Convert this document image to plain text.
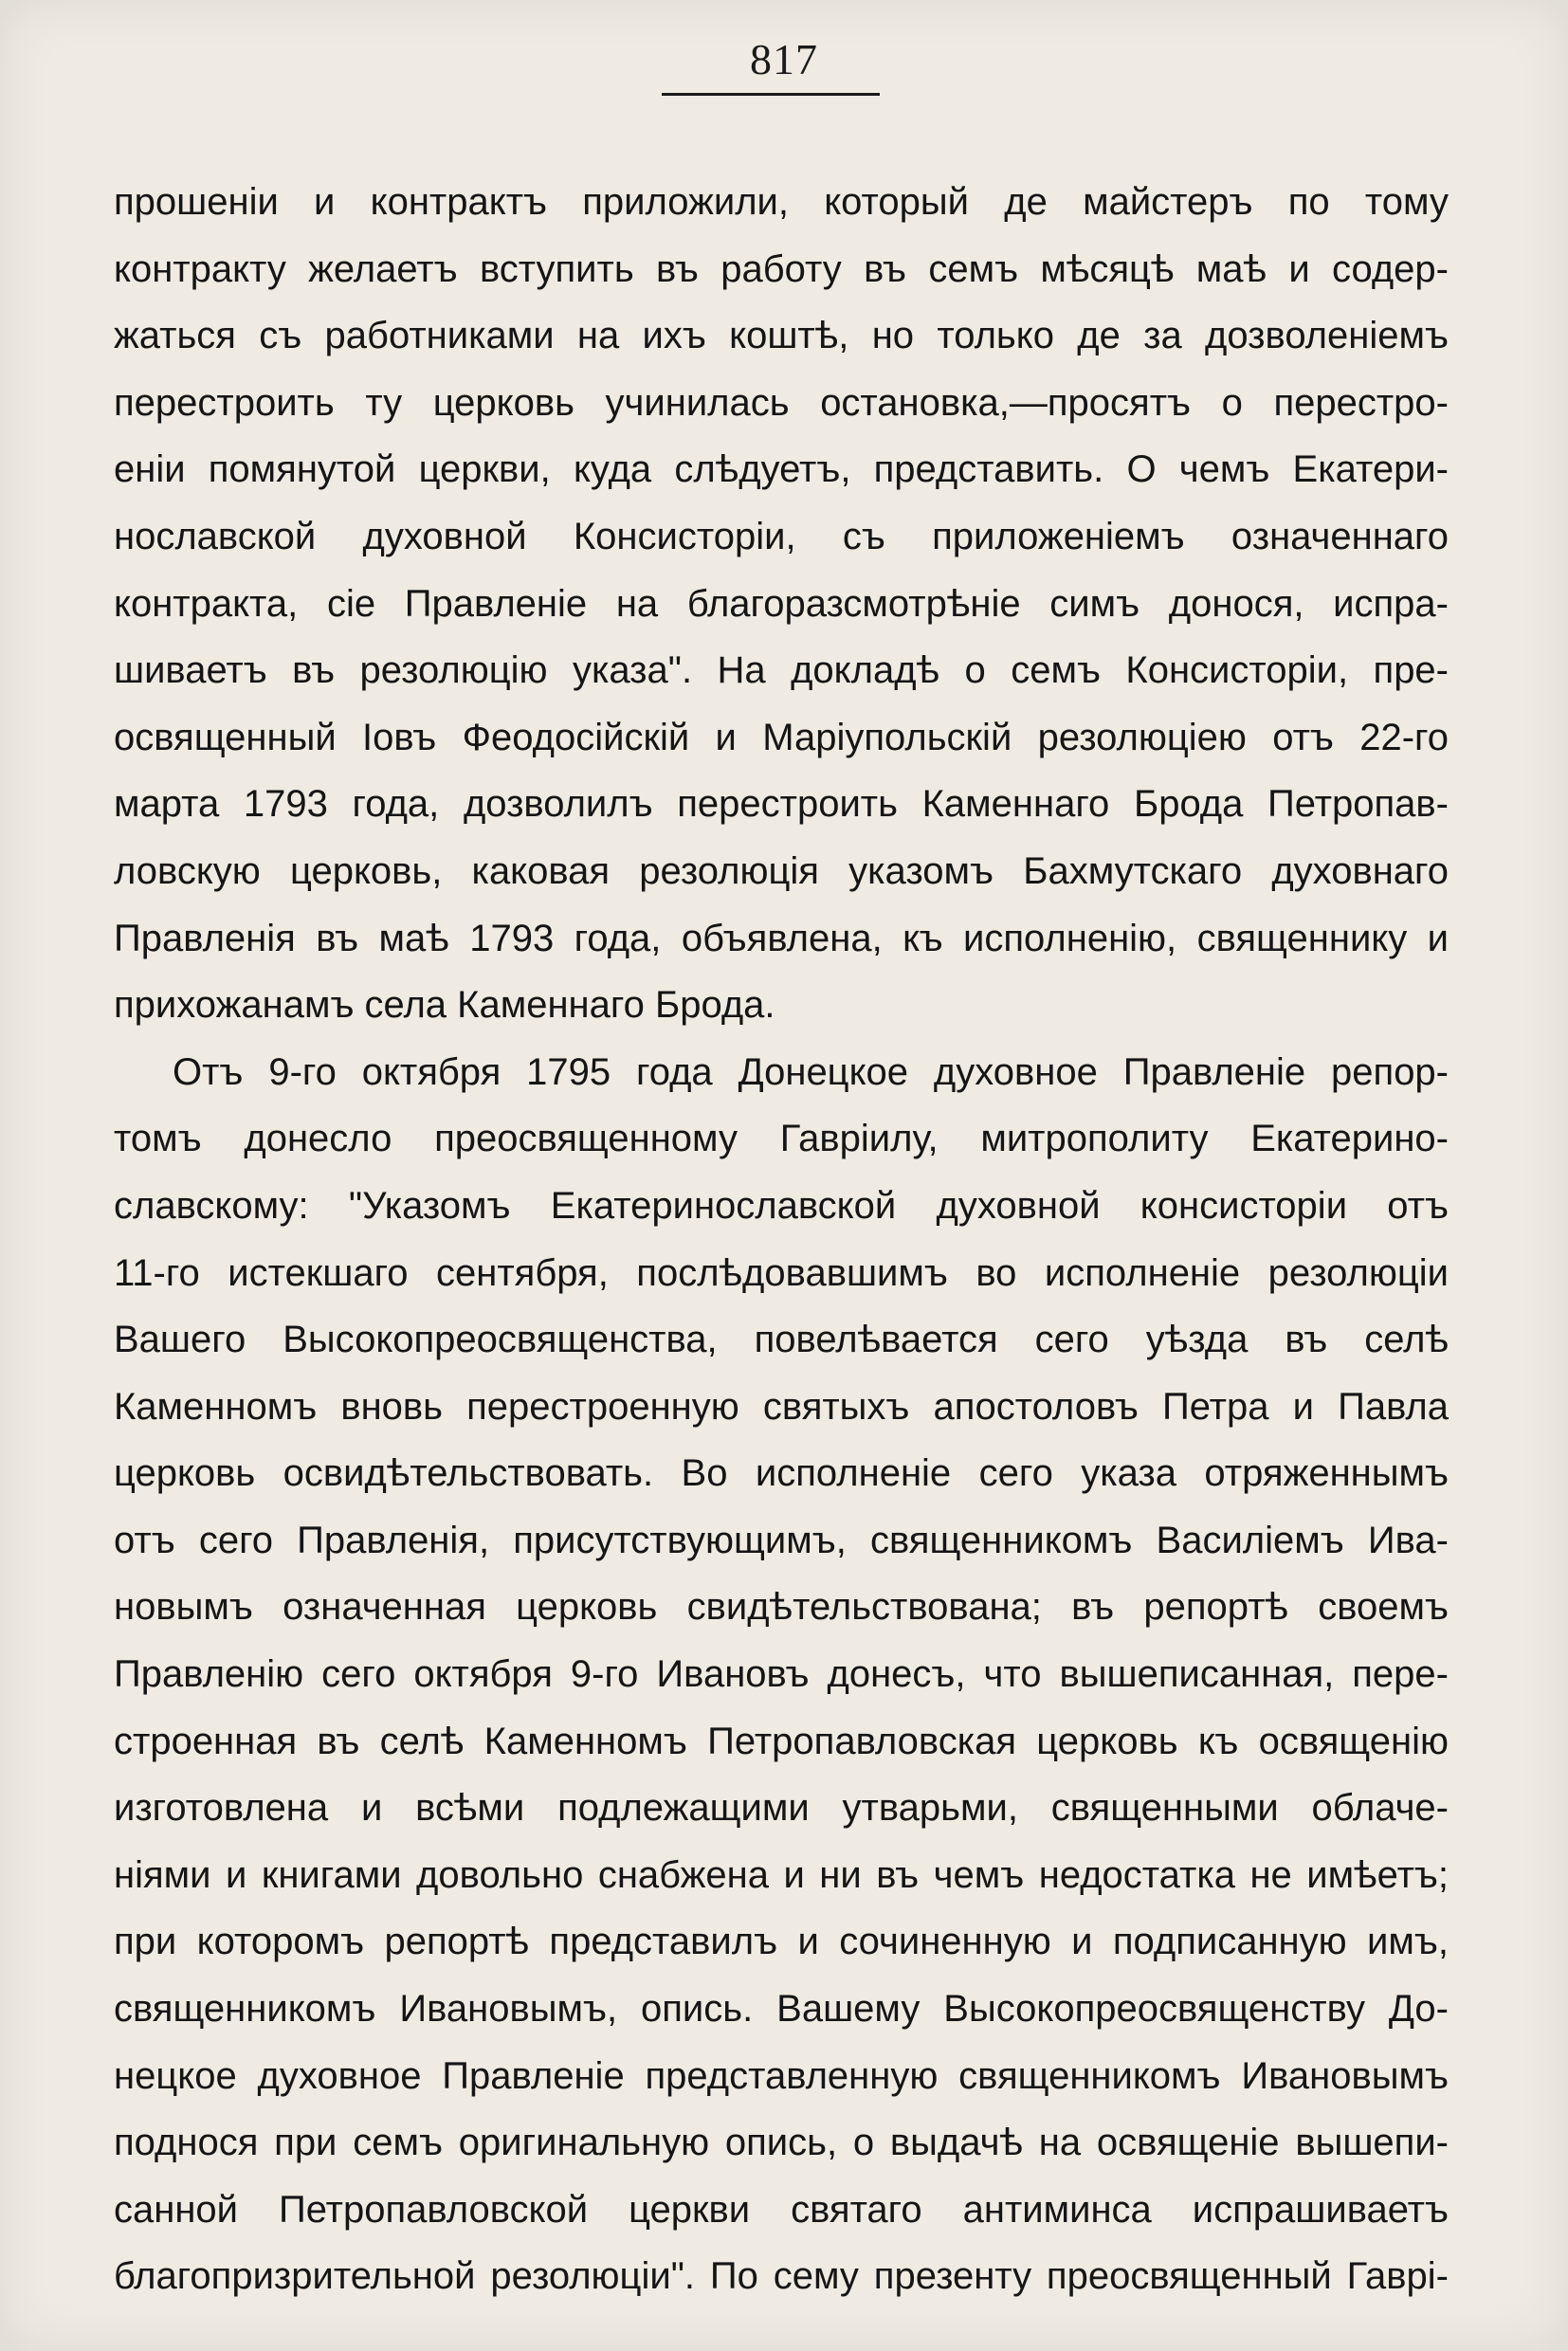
817
прошеніи и контрактъ приложили, который де майстеръ по тому
контракту желаетъ вступить въ работу въ семъ мѣсяцѣ маѣ и содер-
жаться съ работниками на ихъ коштѣ, но только де за дозволеніемъ
перестроить ту церковь учинилась остановка,—просятъ о перестро-
еніи помянутой церкви, куда слѣдуетъ, представить. О чемъ Екатери-
нославской духовной Консисторіи, съ приложеніемъ означеннаго
контракта, сіе Правленіе на благоразсмотрѣніе симъ донося, испра-
шиваетъ въ резолюцію указа". На докладѣ о семъ Консисторіи, пре-
освященный Іовъ Феодосійскій и Маріупольскій резолюціею отъ 22-го
марта 1793 года, дозволилъ перестроить Каменнаго Брода Петропав-
ловскую церковь, каковая резолюція указомъ Бахмутскаго духовнаго
Правленія въ маѣ 1793 года, объявлена, къ исполненію, священнику и
прихожанамъ села Каменнаго Брода.
Отъ 9-го октября 1795 года Донецкое духовное Правленіе репор-
томъ донесло преосвященному Гавріилу, митрополиту Екатерино-
славскому: "Указомъ Екатеринославской духовной консисторіи отъ
11-го истекшаго сентября, послѣдовавшимъ во исполненіе резолюціи
Вашего Высокопреосвященства, повелѣвается сего уѣзда въ селѣ
Каменномъ вновь перестроенную святыхъ апостоловъ Петра и Павла
церковь освидѣтельствовать. Во исполненіе сего указа отряженнымъ
отъ сего Правленія, присутствующимъ, священникомъ Василіемъ Ива-
новымъ означенная церковь свидѣтельствована; въ репортѣ своемъ
Правленію сего октября 9-го Ивановъ донесъ, что вышеписанная, пере-
строенная въ селѣ Каменномъ Петропавловская церковь къ освященію
изготовлена и всѣми подлежащими утварьми, священными облаче-
ніями и книгами довольно снабжена и ни въ чемъ недостатка не имѣетъ;
при которомъ репортѣ представилъ и сочиненную и подписанную имъ,
священникомъ Ивановымъ, опись. Вашему Высокопреосвященству До-
нецкое духовное Правленіе представленную священникомъ Ивановымъ
поднося при семъ оригинальную опись, о выдачѣ на освященіе вышепи-
санной Петропавловской церкви святаго антиминса испрашиваетъ
благопризрительной резолюціи". По сему презенту преосвященный Гаврі-
